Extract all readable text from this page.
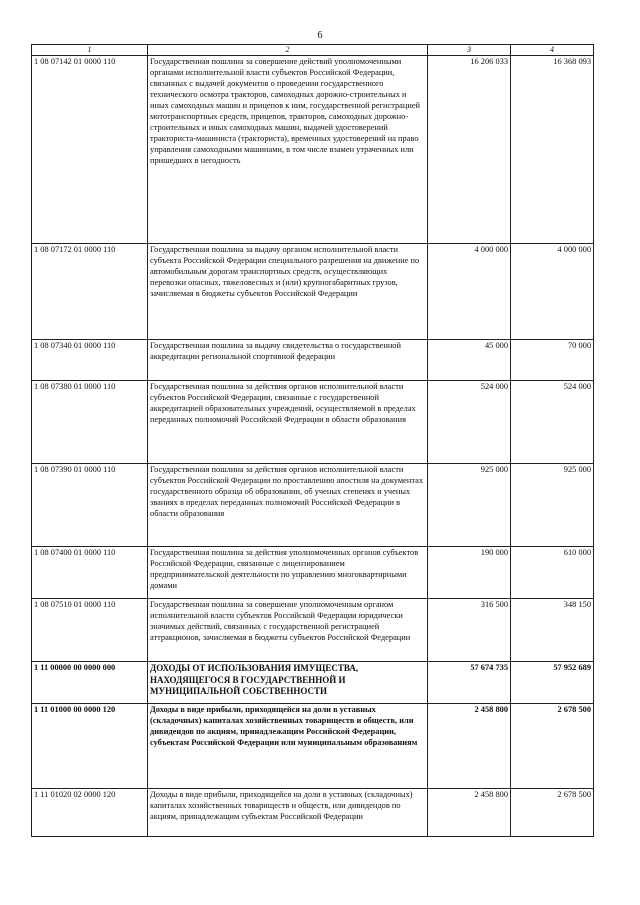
6
1	2	3	4
1 08 07142 01 0000 110	Государственная пошлина за совершение действий уполномоченными органами исполнительной власти субъектов Российской Федерации, связанных с выдачей документов о проведении государственного технического осмотра тракторов, самоходных дорожно-строительных и иных самоходных машин и прицепов к ним, государственной регистрацией мототранспортных средств, прицепов, тракторов, самоходных дорожно-строительных и иных самоходных машин, выдачей удостоверений тракториста-машиниста (тракториста), временных удостоверений на право управления самоходными машинами, в том числе взамен утраченных или пришедших в негодность	16 206 033	16 368 093
1 08 07172 01 0000 110	Государственная пошлина за выдачу органом исполнительной власти субъекта Российской Федерации специального разрешения на движение по автомобильным дорогам транспортных средств, осуществляющих перевозки опасных, тяжеловесных и (или) крупногабаритных грузов, зачисляемая в бюджеты субъектов Российской Федерации	4 000 000	4 000 000
1 08 07340 01 0000 110	Государственная пошлина за выдачу свидетельства о государственной аккредитации региональной спортивной федерации	45 000	70 000
1 08 07380 01 0000 110	Государственная пошлина за действия органов исполнительной власти субъектов Российской Федерации, связанные с государственной аккредитацией образовательных учреждений, осуществляемой в пределах переданных полномочий Российской Федерации в области образования	524 000	524 000
1 08 07390 01 0000 110	Государственная пошлина за действия органов исполнительной власти субъектов Российской Федерации по проставлению апостиля на документах государственного образца об образовании, об ученых степенях и ученых званиях в пределах переданных полномочий Российской Федерации в области образования	925 000	925 000
1 08 07400 01 0000 110	Государственная пошлина за действия уполномоченных органов субъектов Российской Федерации, связанные с лицензированием предпринимательской деятельности по управлению многоквартирными домами	190 000	610 000
1 08 07510 01 0000 110	Государственная пошлина за совершение уполномоченным органом исполнительной власти субъектов Российской Федерации юридически значимых действий, связанных с государственной регистрацией аттракционов, зачисляемая в бюджеты субъектов Российской Федерации	316 500	348 150
1 11 00000 00 0000 000	ДОХОДЫ ОТ ИСПОЛЬЗОВАНИЯ ИМУЩЕСТВА, НАХОДЯЩЕГОСЯ В ГОСУДАРСТВЕННОЙ И МУНИЦИПАЛЬНОЙ СОБСТВЕННОСТИ	57 674 735	57 952 689
1 11 01000 00 0000 120	Доходы в виде прибыли, приходящейся на доли в уставных (складочных) капиталах хозяйственных товариществ и обществ, или дивидендов по акциям, принадлежащим Российской Федерации, субъектам Российской Федерации или муниципальным образованиям	2 458 800	2 678 500
1 11 01020 02 0000 120	Доходы в виде прибыли, приходящейся на доли в уставных (складочных) капиталах хозяйственных товариществ и обществ, или дивидендов по акциям, принадлежащим субъектам Российской Федерации	2 458 800	2 678 500
